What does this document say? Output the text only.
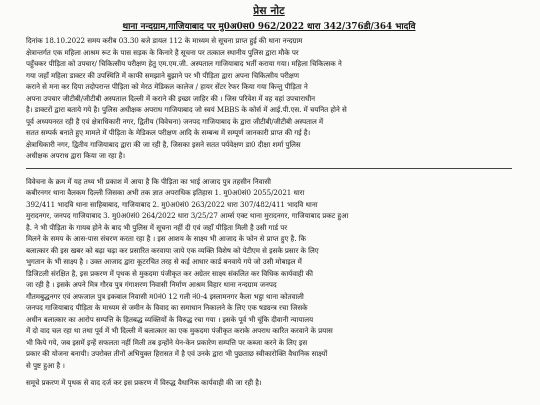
प्रेस नोट
थाना नन्दग्राम,गाजियाबाद पर मु0अ0स0 962/2022 धारा 342/376डी/364 भादवि

दिनांक 18.10.2022 समय करीब 03.30 बजे डायल 112 के माध्यम से सूचना प्राप्त हुई की थाना नन्दग्राम
क्षेत्रान्तर्गत एक महिला आश्रम रूट के पास सड़क के किनारे है सूचना पर तत्काल स्थानीय पुलिस द्वारा मौके पर
पहुँचकर पीड़िता को उपचार/ चिकित्सीय परीक्षण हेतु एम.एम.जी. अस्पताल गाजियाबाद भर्ती कराया गया। महिला चिकित्सक ने
गया जहाँ महिला डाक्टर की उपस्थिति में काफी समझाने बुझाने पर भी पीड़िता द्वारा अपना चिकित्सीय परीक्षण
कराने से मना कर दिया तदोपरान्त पीड़िता को मेरठ मेडिकल कालेज / हायर सेंटर रेफर किया गया किन्तु पीड़िता ने
अपना उपचार जीटीबी/जीटीबी अस्पताल दिल्ली में कराने की इच्छा जाहिर की । जिस परिवेश में वह वहां उपचाराधीन
है। डाक्टरों द्वारा बताये गये है। पुलिस अधीक्षक अपराध गाजियाबाद जो स्वयं MBBS के कोर्स में आई.पी.एस. में चयनित होने से
पूर्व अध्ययनरत रही है एवं क्षेत्राधिकारी नगर, द्वितीय (विवेचना) जनपद गाजियाबाद के द्वारा जीटीबी/जीटीबी अस्पताल में
सतत सम्पर्क बनाते हुए मामले में पीड़िता के मेडिकल परीक्षण आदि के सम्बन्ध में सम्पूर्ण जानकारी प्राप्त की गई है।
क्षेत्राधिकारी नगर, द्वितीय गाजियाबाद द्वारा की जा रही है, जिसका इसने सतत पर्यवेक्षण डा0 दीक्षा शर्मा पुलिस
अधीक्षक अपराध द्वारा किया जा रहा है।

विवेचना के क्रम में यह तथ्य भी प्रकाश में आया है कि पीड़िता का भाई आजाद पुत्र तहसीन निवासी
कबीरनगर थाना वैलकम दिल्ली जिसका अभी तक ज्ञात अपराधिक इतिहास 1. मु0अ0सं0 2055/2021 धारा
392/411 भादवि थाना साहिबाबाद, गाजियाबाद 2. मु0अ0सं0 263/2022 धारा 307/482/411 भादवि थाना
मुरादनगर, जनपद गाजियाबाद 3. मु0अ0सं0 264/2022 धारा 3/25/27 आर्म्स एक्ट थाना मुरादनगर, गाजियाबाद प्रकट हुआ
है. ने भी पीड़िता के गायब होने के बाद भी पुलिस में सूचना नहीं दी एवं जहाँ पीड़िता मिली है उसी गार्ड पर
मिलने के समय के आस-पास संचरण करता रहा है । इस आशय के साक्ष्य भी आजाद के फोन से प्राप्त हुए है. कि
बलात्कार की इस खबर को बढ़ा चढ़ा कर प्रसारित करवाया जाये एक व्यक्ति विशेष को पेटीएम से इसके प्रसार के लिए
भुगतान के भी साक्ष्य है । उक्त आजाद द्वारा कूटरचित तरह से कई आधार कार्ड बनवाये गये जो उसी मोबाइल में
डिजिटली संरक्षित है, इस प्रकरण में पृथक से मुकदमा पंजीकृत कर अग्रेतर साक्ष्य संकलित कर विधिक कार्यवाही की
जा रही है । इसके अपने मित्र गौरव पुत्र गंगाशरण निवासी निर्माण आश्रम विहार थाना नन्दग्राम जनपद
गौतमबुद्धनगर एवं अफजाल पुत्र इकबाल निवासी म0नं0 12 गली नं0-4 इस्लामनगर कैला भट्ठा थाना कोतवाली
जनपद गाजियाबाद पीड़िता के माध्यम से जमीन के विवाद का समाधान निकालने के लिए एक षड्यन्त्र रचा जिसके
अधीन बलात्कार का आरोप सम्पत्ति के हितबद्ध व्यक्तियों के विरुद्ध रचा गया । इसके पूर्व भी चूंकि दीवानी न्यायालय
में दो वाद चल रहा था तथा पूर्व में भी दिल्ली में बलात्कार का एक मुकदमा पंजीकृत कराके अपराध कारित करवाने के प्रयास
भी किये गये, जब इसमें इन्हें सफलता नहीं मिली तब इन्होंने येन-केन प्रकारेण सम्पत्ति पर कब्जा करने के लिए इस
प्रकार की योजना बनायी। उपरोक्त तीनों अभियुक्त हिरासत में है एवं उनके द्वारा भी पुछताछ स्वीकारोक्ति वैधानिक साक्ष्यों
से पुष्ट हुआ है ।

समूचे प्रकरण में पृथक से वाद दर्ज कर इस प्रकरण में विरुद्ध वैधानिक कार्यवाही की जा रही है।
